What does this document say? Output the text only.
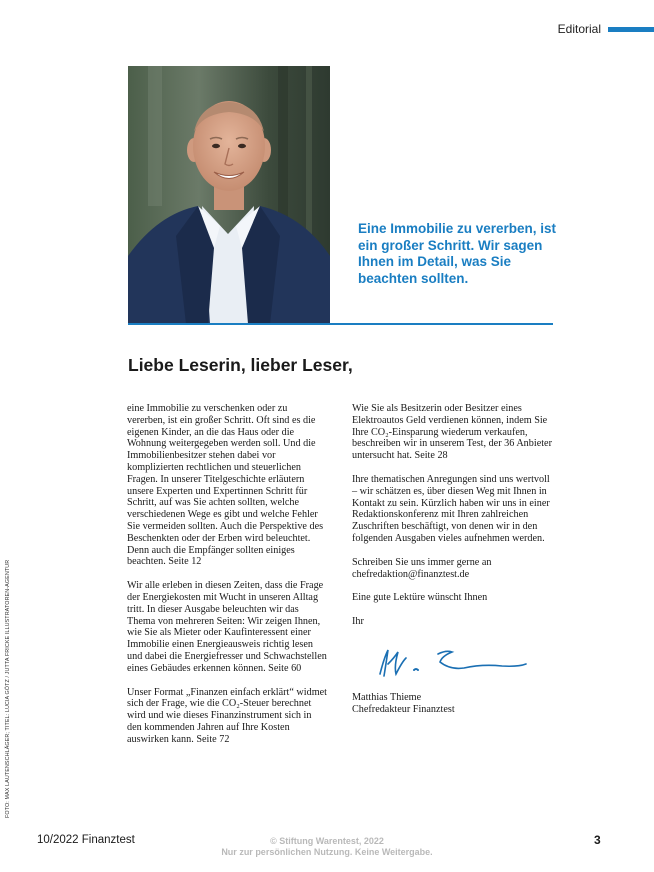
Editorial
Eine Immobilie zu vererben, ist ein großer Schritt. Wir sagen Ihnen im Detail, was Sie beachten sollten.
Liebe Leserin, lieber Leser,

eine Immobilie zu verschenken oder zu vererben, ist ein großer Schritt. Oft sind es die eigenen Kinder, an die das Haus oder die Wohnung weitergegeben werden soll. Und die Immobilienbesitzer stehen dabei vor komplizierten rechtlichen und steuerlichen Fragen. In unserer Titelgeschichte erläutern unsere Experten und Expertinnen Schritt für Schritt, auf was Sie achten sollten, welche verschiedenen Wege es gibt und welche Fehler Sie vermeiden sollten. Auch die Perspektive des Beschenkten oder der Erben wird beleuchtet. Denn auch die Empfänger sollten einiges beachten. Seite 12

Wir alle erleben in diesen Zeiten, dass die Frage der Energiekosten mit Wucht in unseren Alltag tritt. In dieser Ausgabe beleuchten wir das Thema von mehreren Seiten: Wir zeigen Ihnen, wie Sie als Mieter oder Kaufinteressent einer Immobilie einen Energieausweis richtig lesen und dabei die Energiefresser und Schwachstellen eines Gebäudes erkennen können. Seite 60

Unser Format „Finanzen einfach erklärt“ widmet sich der Frage, wie die CO₂-Steuer berechnet wird und wie dieses Finanzinstrument sich in den kommenden Jahren auf Ihre Kosten auswirken kann. Seite 72

Wie Sie als Besitzerin oder Besitzer eines Elektroautos Geld verdienen können, indem Sie Ihre CO₂-Einsparung wiederum verkaufen, beschreiben wir in unserem Test, der 36 Anbieter untersucht hat. Seite 28

Ihre thematischen Anregungen sind uns wertvoll – wir schätzen es, über diesen Weg mit Ihnen in Kontakt zu sein. Kürzlich haben wir uns in einer Redaktionskonferenz mit Ihren zahlreichen Zuschriften beschäftigt, von denen wir in den folgenden Ausgaben vieles aufnehmen werden.

Schreiben Sie uns immer gerne an chefredaktion@finanztest.de

Eine gute Lektüre wünscht Ihnen

Ihr

Matthias Thieme
Chefredakteur Finanztest
FOTO: MAX LAUTENSCHLÄGER; TITEL: LUCIA GÖTZ / JUTTA FRICKE ILLUSTRATOREN-AGENTUR
10/2022 Finanztest	© Stiftung Warentest, 2022
Nur zur persönlichen Nutzung. Keine Weitergabe.
3
